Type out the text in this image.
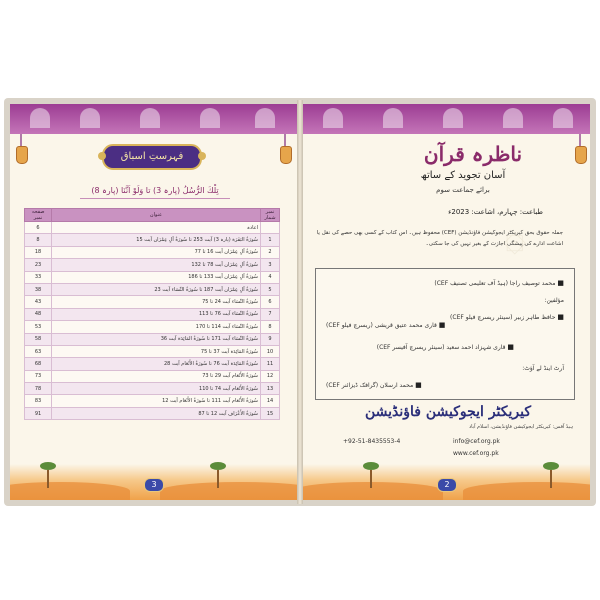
فہرستِ اسباق
تِلْكَ الرُّسُلُ (پارہ 3) تا وَلَوْ اَنَّنَا (پارہ 8)
صفحہ نمبر	عنوان	نمبر شمار
6	اعادہ	
8	سُورَةُ البَقَرَة (پارہ 3) آیت 253 تا سُورَةُ آلِ عِمْرَان آیت 15	1
18	سُورَةُ آلِ عِمْرَان آیت 16 تا 77	2
23	سُورَةُ آلِ عِمْرَان آیت 78 تا 132	3
33	سُورَةُ آلِ عِمْرَان آیت 133 تا 186	4
38	سُورَةُ آلِ عِمْرَان آیت 187 تا سُورَةُ النِّسَاء آیت 23	5
43	سُورَةُ النِّسَاء آیت 24 تا 75	6
48	سُورَةُ النِّسَاء آیت 76 تا 113	7
53	سُورَةُ النِّسَاء آیت 114 تا 170	8
58	سُورَةُ النِّسَاء آیت 171 تا سُورَةُ المَائِدَة آیت 36	9
63	سُورَةُ المَائِدَة آیت 37 تا 75	10
68	سُورَةُ المَائِدَة آیت 76 تا سُورَةُ الأَنْعَام آیت 28	11
73	سُورَةُ الأَنْعَام آیت 29 تا 73	12
78	سُورَةُ الأَنْعَام آیت 74 تا 110	13
83	سُورَةُ الأَنْعَام آیت 111 تا سُورَةُ الأَنْعَام آیت 12	14
91	سُورَةُ الأَعْرَاف آیت 12 تا 87	15
3
۞
ناظرہ قرآن
آسان تجوید کے ساتھ
برائے جماعت سوم
طباعت: چہارم، اشاعت: 2023ء
جملہ حقوق بحق کیریکٹر ایجوکیشن فاؤنڈیشن (CEF) محفوظ ہیں۔ اس کتاب کے کسی بھی حصے کی نقل یا اشاعت ادارے کی پیشگی اجازت کے بغیر نہیں کی جا سکتی۔
■ محمد توصیف راجا (ہیڈ آف تعلیمی تصنیف CEF)
مؤلفین:
■ حافظ طاہر زبیر (سینئر ریسرچ فیلو CEF)
■ قاری محمد عتیق قریشی (ریسرچ فیلو CEF)
■ قاری شہزاد احمد سعید (سینئر ریسرچ آفیسر CEF)
آرٹ اینڈ لے آؤٹ:
■ محمد ارسلان (گرافک ڈیزائنر CEF)
کیریکٹر ایجوکیشن فاؤنڈیشن
ہیڈ آفس: کیریکٹر ایجوکیشن فاؤنڈیشن، اسلام آباد
+92-51-8435553-4	info@cef.org.pk
www.cef.org.pk
2
